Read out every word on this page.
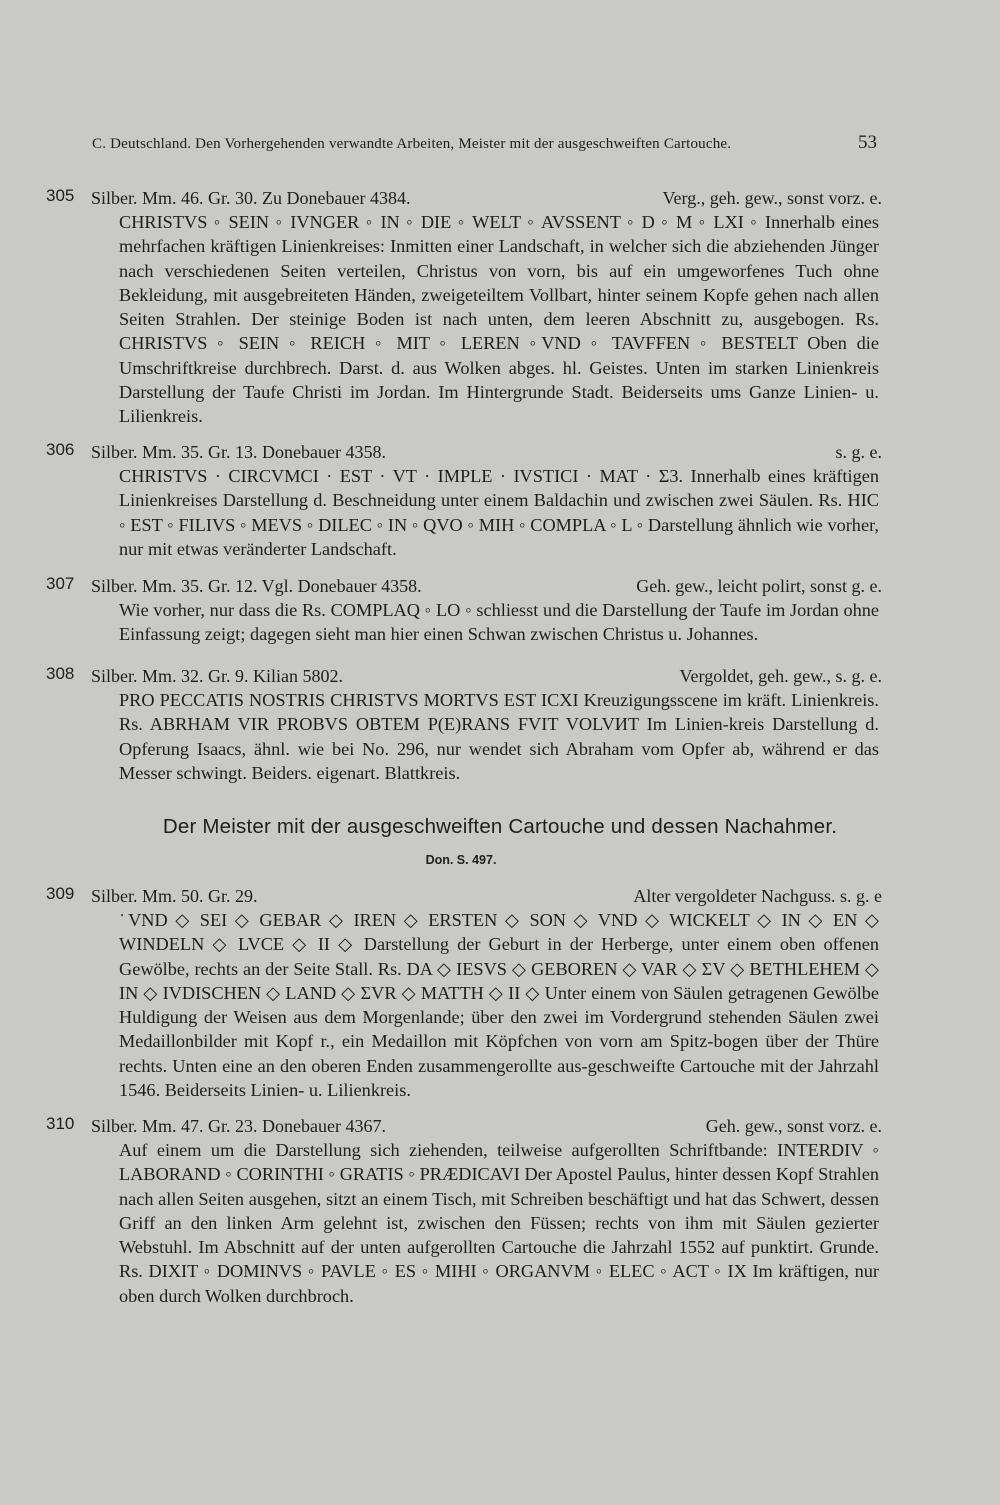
C. Deutschland. Den Vorhergehenden verwandte Arbeiten, Meister mit der ausgeschweiften Cartouche.	53
305 Silber. Mm. 46. Gr. 30. Zu Donebauer 4384.	Verg., geh. gew., sonst vorz. e.
CHRISTVS ◦ SEIN ◦ IVNGER ◦ IN ◦ DIE ◦ WELT ◦ AVSSENT ◦ D ◦ M ◦ LXI ◦ Innerhalb eines mehrfachen kräftigen Linienkreises: Inmitten einer Landschaft, in welcher sich die abziehenden Jünger nach verschiedenen Seiten verteilen, Christus von vorn, bis auf ein umgeworfenes Tuch ohne Bekleidung, mit ausgebreiteten Händen, zweigeteiltem Vollbart, hinter seinem Kopfe gehen nach allen Seiten Strahlen. Der steinige Boden ist nach unten, dem leeren Abschnitt zu, ausgebogen. Rs. CHRISTVS ◦ SEIN ◦ REICH ◦ MIT ◦ LEREN ◦VND ◦ TAVFFEN ◦ BESTELT Oben die Umschriftkreise durchbrech. Darst. d. aus Wolken abges. hl. Geistes. Unten im starken Linienkreis Darstellung der Taufe Christi im Jordan. Im Hintergrunde Stadt. Beiderseits ums Ganze Linien- u. Lilienkreis.
306 Silber. Mm. 35. Gr. 13. Donebauer 4358.	s. g. e.
CHRISTVS · CIRCVMCI · EST · VT · IMPLE · IVSTICI · MAT · Σ3. Innerhalb eines kräftigen Linienkreises Darstellung d. Beschneidung unter einem Baldachin und zwischen zwei Säulen. Rs. HIC ◦ EST ◦ FILIVS ◦ MEVS ◦ DILEC ◦ IN ◦ QVO ◦ MIH ◦ COMPLA ◦ L ◦ Darstellung ähnlich wie vorher, nur mit etwas veränderter Landschaft.
307 Silber. Mm. 35. Gr. 12. Vgl. Donebauer 4358.	Geh. gew., leicht polirt, sonst g. e.
Wie vorher, nur dass die Rs. COMPLAQ ◦ LO ◦ schliesst und die Darstellung der Taufe im Jordan ohne Einfassung zeigt; dagegen sieht man hier einen Schwan zwischen Christus u. Johannes.
308 Silber. Mm. 32. Gr. 9. Kilian 5802.	Vergoldet, geh. gew., s. g. e.
PRO PECCATIS NOSTRIS CHRISTVS MORTVS EST ICXI Kreuzigungsscene im kräft. Linienkreis. Rs. ABRHAM VIR PROBVS OBTEM P(E)RANS FVIT VOLVИT Im Linien-kreis Darstellung d. Opferung Isaacs, ähnl. wie bei No. 296, nur wendet sich Abraham vom Opfer ab, während er das Messer schwingt. Beiders. eigenart. Blattkreis.
Der Meister mit der ausgeschweiften Cartouche und dessen Nachahmer.
Don. S. 497.
309 Silber. Mm. 50. Gr. 29.	Alter vergoldeter Nachguss. s. g. e
˙VND ◇ SEI ◇ GEBAR ◇ IREN ◇ ERSTEN ◇ SON ◇ VND ◇ WICKELT ◇ IN ◇ EN ◇ WINDELN ◇ LVCE ◇ II ◇ Darstellung der Geburt in der Herberge, unter einem oben offenen Gewölbe, rechts an der Seite Stall. Rs. DA ◇ IESVS ◇ GEBOREN ◇ VAR ◇ ΣV ◇ BETHLEHEM ◇ IN ◇ IVDISCHEN ◇ LAND ◇ ΣVR ◇ MATTH ◇ II ◇ Unter einem von Säulen getragenen Gewölbe Huldigung der Weisen aus dem Morgenlande; über den zwei im Vordergrund stehenden Säulen zwei Medaillonbilder mit Kopf r., ein Medaillon mit Köpfchen von vorn am Spitz-bogen über der Thüre rechts. Unten eine an den oberen Enden zusammengerollte aus-geschweifte Cartouche mit der Jahrzahl 1546. Beiderseits Linien- u. Lilienkreis.
310 Silber. Mm. 47. Gr. 23. Donebauer 4367.	Geh. gew., sonst vorz. e.
Auf einem um die Darstellung sich ziehenden, teilweise aufgerollten Schriftbande: INTERDIV ◦ LABORAND ◦ CORINTHI ◦ GRATIS ◦ PRÆDICAVI Der Apostel Paulus, hinter dessen Kopf Strahlen nach allen Seiten ausgehen, sitzt an einem Tisch, mit Schreiben beschäftigt und hat das Schwert, dessen Griff an den linken Arm gelehnt ist, zwischen den Füssen; rechts von ihm mit Säulen gezierter Webstuhl. Im Abschnitt auf der unten aufgerollten Cartouche die Jahrzahl 1552 auf punktirt. Grunde. Rs. DIXIT ◦ DOMINVS ◦ PAVLE ◦ ES ◦ MIHI ◦ ORGANVM ◦ ELEC ◦ ACT ◦ IX Im kräftigen, nur oben durch Wolken durchbroch.
